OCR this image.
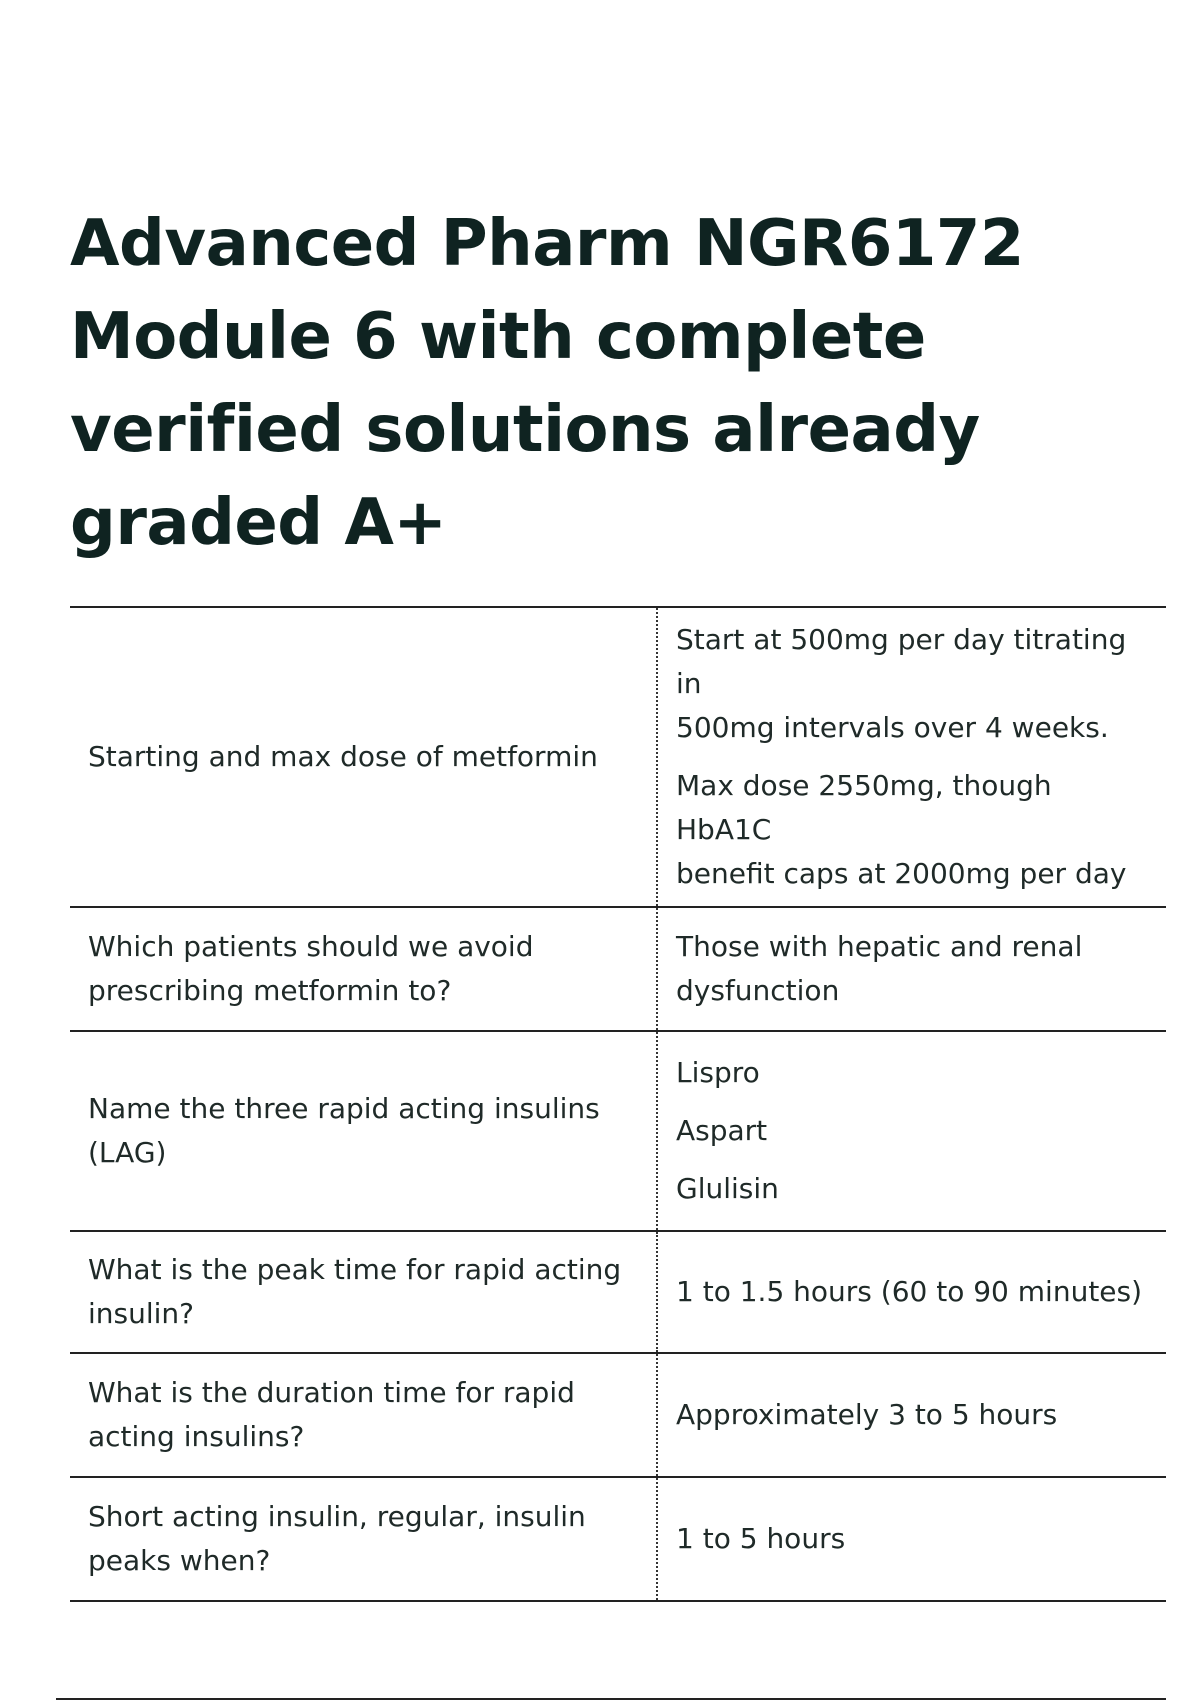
Advanced Pharm NGR6172
Module 6 with complete
verified solutions already
graded A+
Starting and max dose of metformin	Start at 500mg per day titrating in
500mg intervals over 4 weeks.
Max dose 2550mg, though HbA1C
benefit caps at 2000mg per day

Which patients should we avoid
prescribing metformin to?	Those with hepatic and renal
dysfunction

Name the three rapid acting insulins
(LAG)	Lispro
Aspart
Glulisin

What is the peak time for rapid acting
insulin?	1 to 1.5 hours (60 to 90 minutes)

What is the duration time for rapid
acting insulins?	Approximately 3 to 5 hours

Short acting insulin, regular, insulin
peaks when?	1 to 5 hours
